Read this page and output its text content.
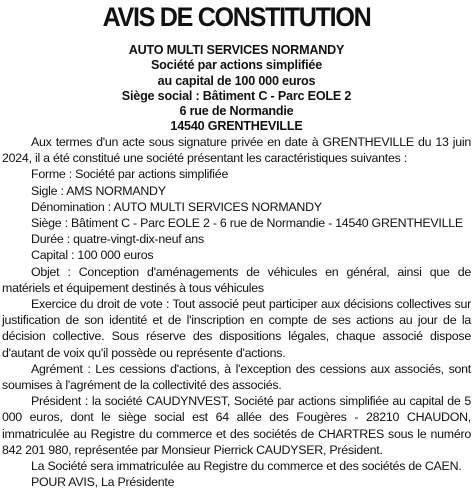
AVIS DE CONSTITUTION
AUTO MULTI SERVICES NORMANDY
Société par actions simplifiée
au capital de 100 000 euros
Siège social : Bâtiment C - Parc EOLE 2
6 rue de Normandie
14540 GRENTHEVILLE
Aux termes d'un acte sous signature privée en date à GRENTHEVILLE du 13 juin 2024, il a été constitué une société présentant les caractéristiques suivantes :
Forme : Société par actions simplifiée
Sigle : AMS NORMANDY
Dénomination : AUTO MULTI SERVICES NORMANDY
Siège : Bâtiment C - Parc EOLE 2 - 6 rue de Normandie - 14540 GRENTHEVILLE
Durée : quatre-vingt-dix-neuf ans
Capital : 100 000 euros
Objet : Conception d'aménagements de véhicules en général, ainsi que de matériels et équipement destinés à tous véhicules
Exercice du droit de vote : Tout associé peut participer aux décisions collectives sur justification de son identité et de l'inscription en compte de ses actions au jour de la décision collective. Sous réserve des dispositions légales, chaque associé dispose d'autant de voix qu'il possède ou représente d'actions.
Agrément : Les cessions d'actions, à l'exception des cessions aux associés, sont soumises à l'agrément de la collectivité des associés.
Président : la société CAUDYNVEST, Société par actions simplifiée au capital de 5 000 euros, dont le siège social est 64 allée des Fougères - 28210 CHAUDON, immatriculée au Registre du commerce et des sociétés de CHARTRES sous le numéro 842 201 980, représentée par Monsieur Pierrick CAUDYSER, Président.
La Société sera immatriculée au Registre du commerce et des sociétés de CAEN.
POUR AVIS, La Présidente
